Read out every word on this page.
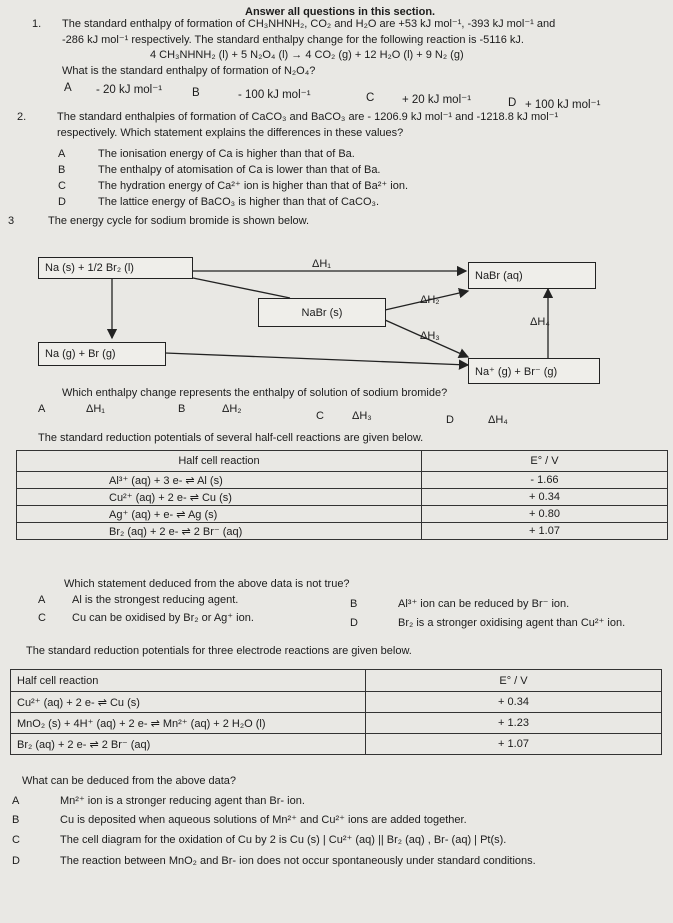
Answer all questions in this section.
1. The standard enthalpy of formation of CH₃NHNH₂, CO₂ and H₂O are +53 kJ mol⁻¹, -393 kJ mol⁻¹ and
-286 kJ mol⁻¹ respectively. The standard enthalpy change for the following reaction is -5116 kJ.
4 CH₃NHNH₂ (l) + 5 N₂O₄ (l) → 4 CO₂ (g) + 12 H₂O (l) + 9 N₂ (g)
What is the standard enthalpy of formation of N₂O₄?
A - 20 kJ mol⁻¹	B	- 100 kJ mol⁻¹	C + 20 kJ mol⁻¹	D + 100 kJ mol⁻¹
2.	The standard enthalpies of formation of CaCO₃ and BaCO₃ are - 1206.9 kJ mol⁻¹ and -1218.8 kJ mol⁻¹
respectively. Which statement explains the differences in these values?
A	The ionisation energy of Ca is higher than that of Ba.
B	The enthalpy of atomisation of Ca is lower than that of Ba.
C	The hydration energy of Ca²⁺ ion is higher than that of Ba²⁺ ion.
D	The lattice energy of BaCO₃ is higher than that of CaCO₃.
3	The energy cycle for sodium bromide is shown below.
Na (s) + 1/2 Br₂ (l)
NaBr (aq)
NaBr (s)
Na (g) + Br (g)
Na⁺ (g) + Br⁻ (g)
ΔH₁
ΔH₂
ΔH₃
ΔH₄
Which enthalpy change represents the enthalpy of solution of sodium bromide?
A	ΔH₁	B	ΔH₂
C	ΔH₃	D	ΔH₄
The standard reduction potentials of several half-cell reactions are given below.
Half cell reaction	E° / V
Al³⁺ (aq) + 3 e- ⇌ Al (s)	- 1.66
Cu²⁺ (aq) + 2 e- ⇌ Cu (s)	+ 0.34
Ag⁺ (aq) + e- ⇌ Ag (s)	+ 0.80
Br₂ (aq) + 2 e- ⇌ 2 Br⁻ (aq)	+ 1.07
Which statement deduced from the above data is not true?
A Al is the strongest reducing agent.	B	Al³⁺ ion can be reduced by Br⁻ ion.
C Cu can be oxidised by Br₂ or Ag⁺ ion.	D	Br₂ is a stronger oxidising agent than Cu²⁺ ion.
The standard reduction potentials for three electrode reactions are given below.
Half cell reaction	E° / V
Cu²⁺ (aq) + 2 e- ⇌ Cu (s)	+ 0.34
MnO₂ (s) + 4H⁺ (aq) + 2 e- ⇌ Mn²⁺ (aq) + 2 H₂O (l)	+ 1.23
Br₂ (aq) + 2 e- ⇌ 2 Br⁻ (aq)	+ 1.07
What can be deduced from the above data?
A	Mn²⁺ ion is a stronger reducing agent than Br- ion.
B	Cu is deposited when aqueous solutions of Mn²⁺ and Cu²⁺ ions are added together.
C	The cell diagram for the oxidation of Cu by 2 is Cu (s) | Cu²⁺ (aq) || Br₂ (aq) , Br- (aq) | Pt(s).
D	The reaction between MnO₂ and Br- ion does not occur spontaneously under standard conditions.
